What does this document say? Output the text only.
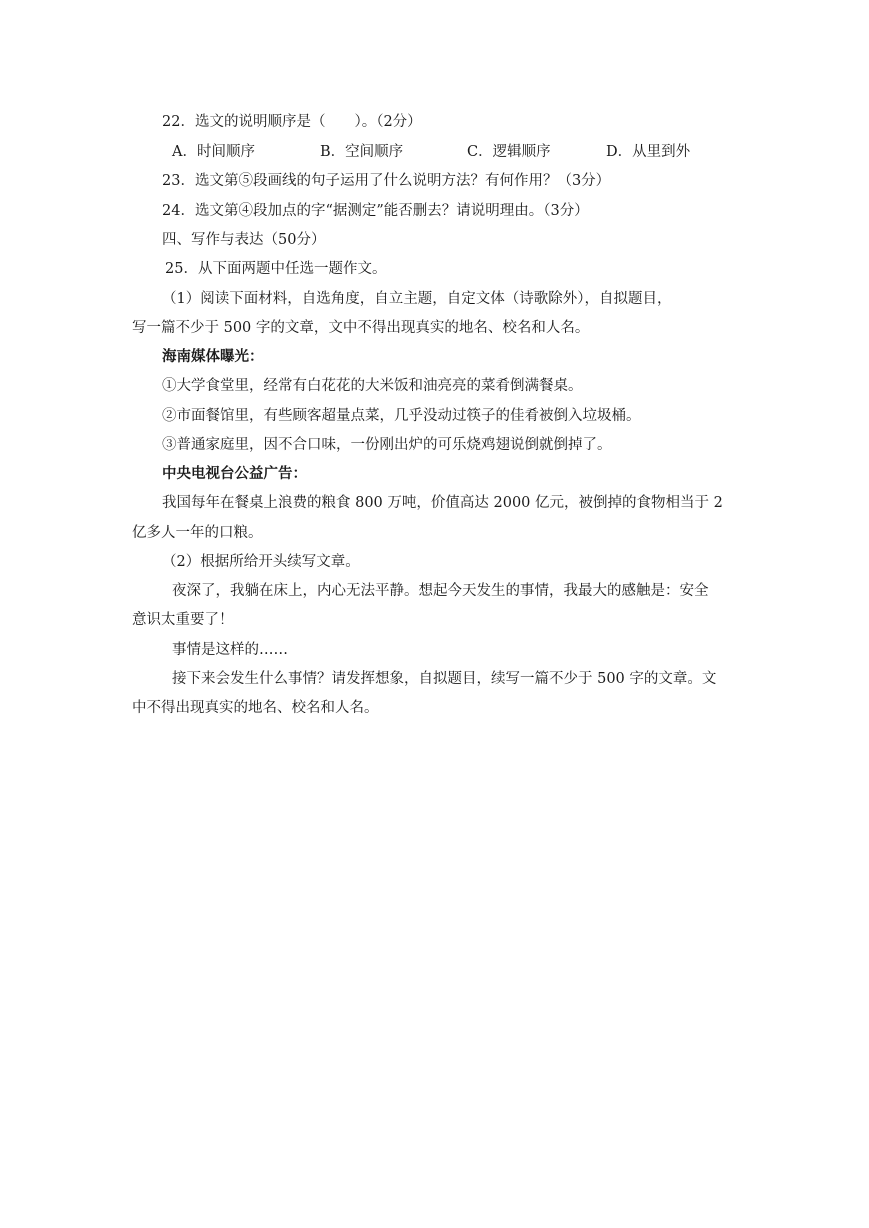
22．选文的说明顺序是（　　）。（2分）
A．时间顺序	B．空间顺序	C．逻辑顺序	D．从里到外
23．选文第⑤段画线的句子运用了什么说明方法？有何作用？（3分）
24．选文第④段加点的字“据测定”能否删去？请说明理由。（3分）
四、写作与表达（50分）
25．从下面两题中任选一题作文。
（1）阅读下面材料，自选角度，自立主题，自定文体（诗歌除外），自拟题目，
写一篇不少于 500 字的文章，文中不得出现真实的地名、校名和人名。
海南媒体曝光：
①大学食堂里，经常有白花花的大米饭和油亮亮的菜肴倒满餐桌。
②市面餐馆里，有些顾客超量点菜，几乎没动过筷子的佳肴被倒入垃圾桶。
③普通家庭里，因不合口味，一份刚出炉的可乐烧鸡翅说倒就倒掉了。
中央电视台公益广告：
我国每年在餐桌上浪费的粮食 800 万吨，价值高达 2000 亿元，被倒掉的食物相当于 2
亿多人一年的口粮。
（2）根据所给开头续写文章。
夜深了，我躺在床上，内心无法平静。想起今天发生的事情，我最大的感触是：安全
意识太重要了！
事情是这样的……
接下来会发生什么事情？请发挥想象，自拟题目，续写一篇不少于 500 字的文章。文
中不得出现真实的地名、校名和人名。
